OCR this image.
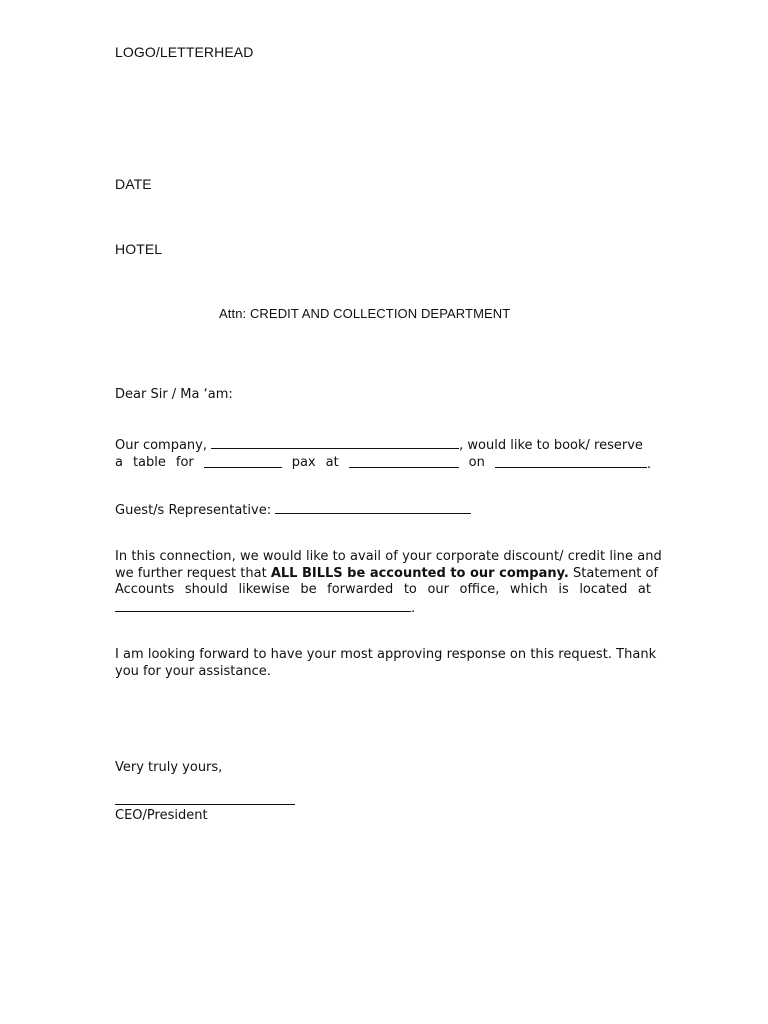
LOGO/LETTERHEAD
DATE
HOTEL
Attn: CREDIT AND COLLECTION DEPARTMENT
Dear Sir / Ma ‘am:
Our company,	, would like to book/ reserve
a table for	pax at	on	.
Guest/s Representative:
In this connection, we would like to avail of your corporate discount/ credit line and
we further request that ALL BILLS be accounted to our company. Statement of
Accounts should likewise be forwarded to our office, which is located at
.
I am looking forward to have your most approving response on this request. Thank
you for your assistance.
Very truly yours,
CEO/President
